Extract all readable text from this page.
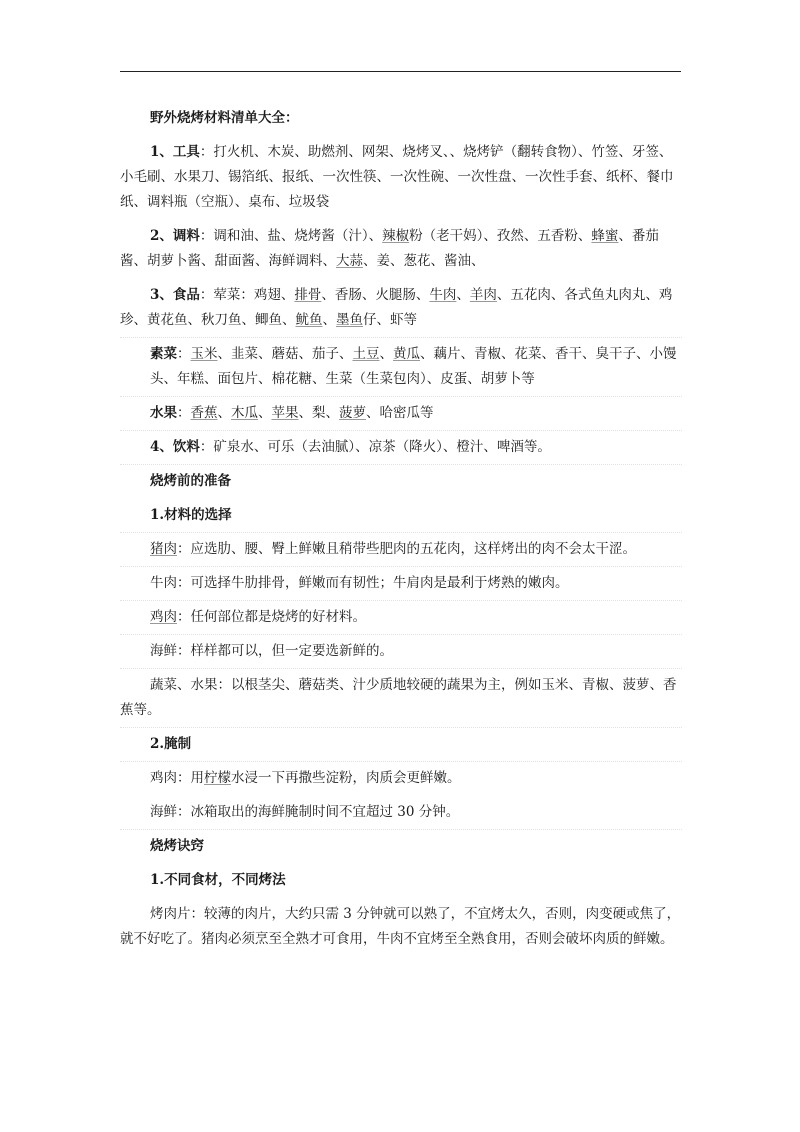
野外烧烤材料清单大全：

1、工具：打火机、木炭、助燃剂、网架、烧烤叉、、烧烤铲（翻转食物）、竹签、牙签、小毛刷、水果刀、锡箔纸、报纸、一次性筷、一次性碗、一次性盘、一次性手套、纸杯、餐巾纸、调料瓶（空瓶）、桌布、垃圾袋

2、调料：调和油、盐、烧烤酱（汁）、辣椒粉（老干妈）、孜然、五香粉、蜂蜜、番茄酱、胡萝卜酱、甜面酱、海鲜调料、大蒜、姜、葱花、酱油、

3、食品：荤菜：鸡翅、排骨、香肠、火腿肠、牛肉、羊肉、五花肉、各式鱼丸肉丸、鸡珍、黄花鱼、秋刀鱼、鲫鱼、鱿鱼、墨鱼仔、虾等

素菜：玉米、韭菜、蘑菇、茄子、土豆、黄瓜、藕片、青椒、花菜、香干、臭干子、小馒头、年糕、面包片、棉花糖、生菜（生菜包肉）、皮蛋、胡萝卜等

水果：香蕉、木瓜、苹果、梨、菠萝、哈密瓜等

4、饮料：矿泉水、可乐（去油腻）、凉茶（降火）、橙汁、啤酒等。

烧烤前的准备

1.材料的选择

猪肉：应选肋、腰、臀上鲜嫩且稍带些肥肉的五花肉，这样烤出的肉不会太干涩。

牛肉：可选择牛肋排骨，鲜嫩而有韧性；牛肩肉是最利于烤熟的嫩肉。

鸡肉：任何部位都是烧烤的好材料。

海鲜：样样都可以，但一定要选新鲜的。

蔬菜、水果：以根茎尖、蘑菇类、汁少质地较硬的蔬果为主，例如玉米、青椒、菠萝、香蕉等。

2.腌制

鸡肉：用柠檬水浸一下再撒些淀粉，肉质会更鲜嫩。

海鲜：冰箱取出的海鲜腌制时间不宜超过 30 分钟。

烧烤诀窍

1.不同食材，不同烤法

烤肉片：较薄的肉片，大约只需 3 分钟就可以熟了，不宜烤太久，否则，肉变硬或焦了，就不好吃了。猪肉必须烹至全熟才可食用，牛肉不宜烤至全熟食用，否则会破坏肉质的鲜嫩。
